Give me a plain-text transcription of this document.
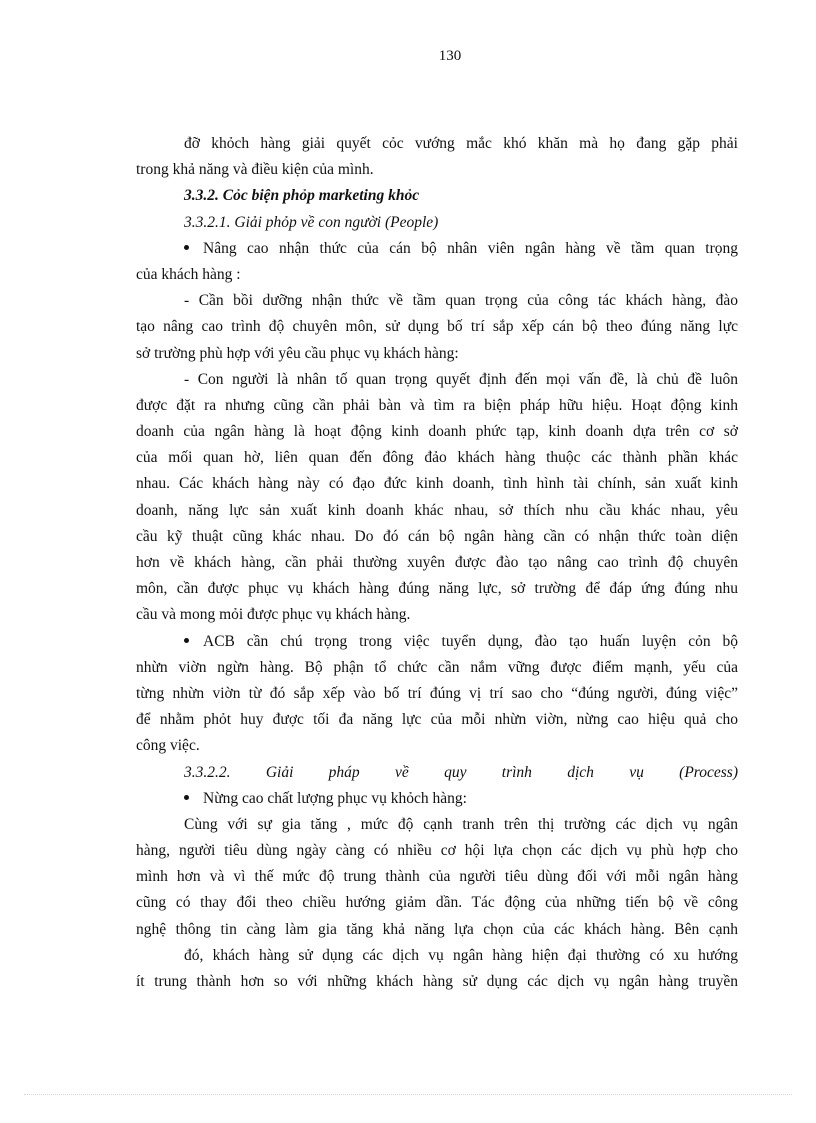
130
đỡ khỏch hàng giải quyết cỏc vướng mắc khó khăn mà họ đang gặp phải
trong khả năng và điều kiện của mình.
3.3.2. Cỏc biện phỏp marketing khỏc
3.3.2.1. Giải phỏp về con người (People)
Nâng cao nhận thức của cán bộ nhân viên ngân hàng về tầm quan trọng
của khách hàng :
- Cần bồi dưỡng nhận thức về tầm quan trọng của công tác khách hàng, đào
tạo nâng cao trình độ chuyên môn, sử dụng bố trí sắp xếp cán bộ theo đúng năng lực
sở trường phù hợp với yêu cầu phục vụ khách hàng:
- Con người là nhân tố quan trọng quyết định đến mọi vấn đề, là chủ đề luôn
được đặt ra nhưng cũng cần phải bàn và tìm ra biện pháp hữu hiệu. Hoạt động kinh
doanh của ngân hàng là hoạt động kinh doanh phức tạp, kinh doanh dựa trên cơ sở
của mối quan hờ, liên quan đến đông đảo khách hàng thuộc các thành phần khác
nhau. Các khách hàng này có đạo đức kinh doanh, tình hình tài chính, sản xuất kinh
doanh, năng lực sản xuất kinh doanh khác nhau, sở thích nhu cầu khác nhau, yêu
cầu kỹ thuật cũng khác nhau. Do đó cán bộ ngân hàng cần có nhận thức toàn diện
hơn về khách hàng, cần phải thường xuyên được đào tạo nâng cao trình độ chuyên
môn, cần được phục vụ khách hàng đúng năng lực, sở trường để đáp ứng đúng nhu
cầu và mong mỏi được phục vụ khách hàng.
ACB cần chú trọng trong việc tuyển dụng, đào tạo huấn luyện cỏn bộ
nhừn viờn ngừn hàng. Bộ phận tổ chức cần nắm vững được điểm mạnh, yếu của
từng nhừn viờn từ đó sắp xếp vào bố trí đúng vị trí sao cho “đúng người, đúng việc”
để nhằm phỏt huy được tối đa năng lực của mỗi nhừn viờn, nừng cao hiệu quả cho
công việc.
3.3.2.2. Giải pháp về quy trình dịch vụ (Process)
Nừng cao chất lượng phục vụ khỏch hàng:
Cùng với sự gia tăng , mức độ cạnh tranh trên thị trường các dịch vụ ngân
hàng, người tiêu dùng ngày càng có nhiều cơ hội lựa chọn các dịch vụ phù hợp cho
mình hơn và vì thế mức độ trung thành của người tiêu dùng đối với mỗi ngân hàng
cũng có thay đổi theo chiều hướng giảm dần. Tác động của những tiến bộ về công
nghệ thông tin càng làm gia tăng khả năng lựa chọn của các khách hàng. Bên cạnh
đó, khách hàng sử dụng các dịch vụ ngân hàng hiện đại thường có xu hướng
ít trung thành hơn so với những khách hàng sử dụng các dịch vụ ngân hàng truyền
